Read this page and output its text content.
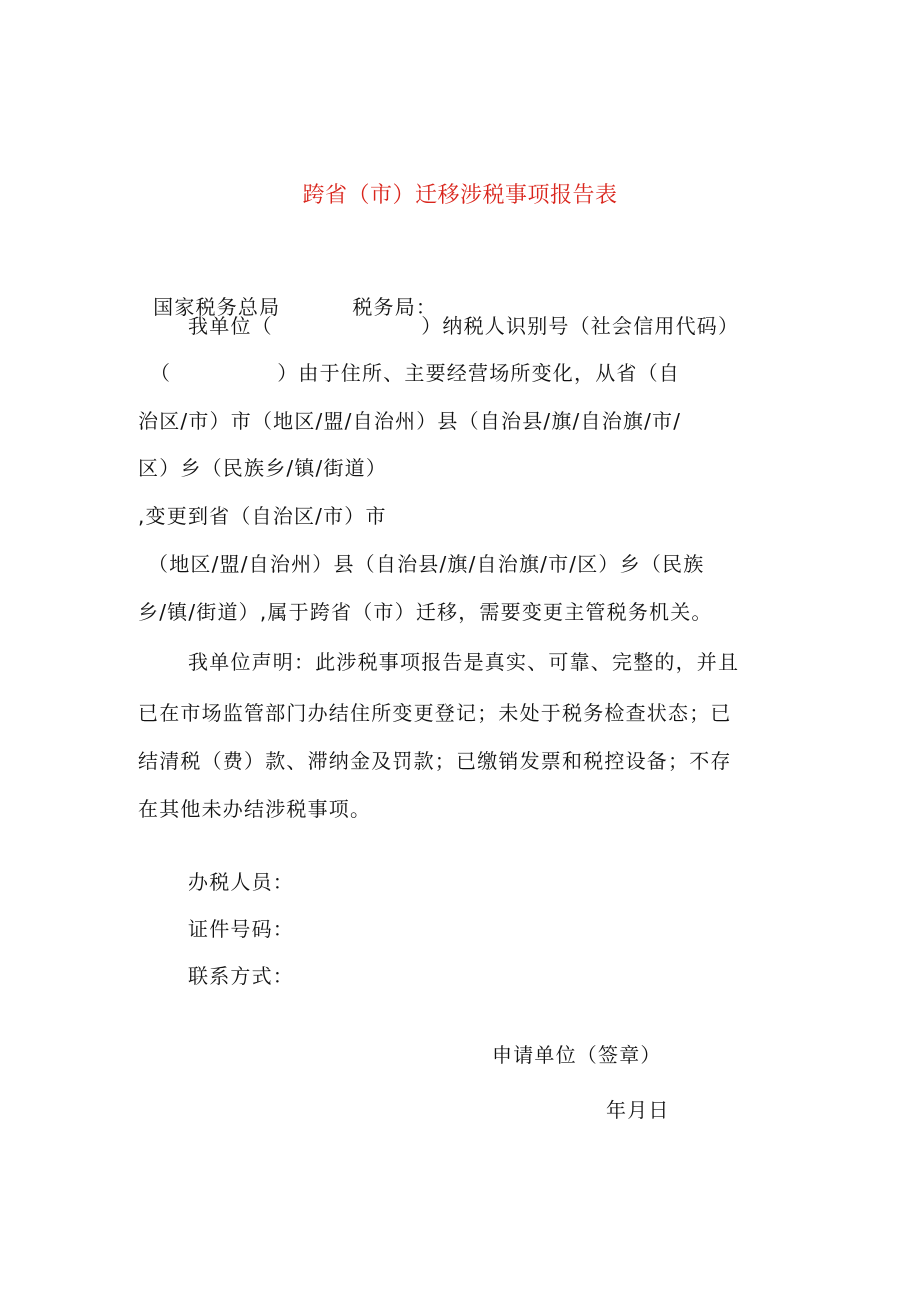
跨省（市）迁移涉税事项报告表

国家税务总局	税务局：

我单位（　　　　　　　）纳税人识别号（社会信用代码）
（　　　　　）由于住所、主要经营场所变化，从省（自
治区/市）市（地区/盟/自治州）县（自治县/旗/自治旗/市/
区）乡（民族乡/镇/街道）
,变更到省（自治区/市）市
（地区/盟/自治州）县（自治县/旗/自治旗/市/区）乡（民族
乡/镇/街道）,属于跨省（市）迁移，需要变更主管税务机关。
我单位声明：此涉税事项报告是真实、可靠、完整的，并且
已在市场监管部门办结住所变更登记；未处于税务检查状态；已
结清税（费）款、滞纳金及罚款；已缴销发票和税控设备；不存
在其他未办结涉税事项。
办税人员：
证件号码：
联系方式：
申请单位（签章）
年月日
